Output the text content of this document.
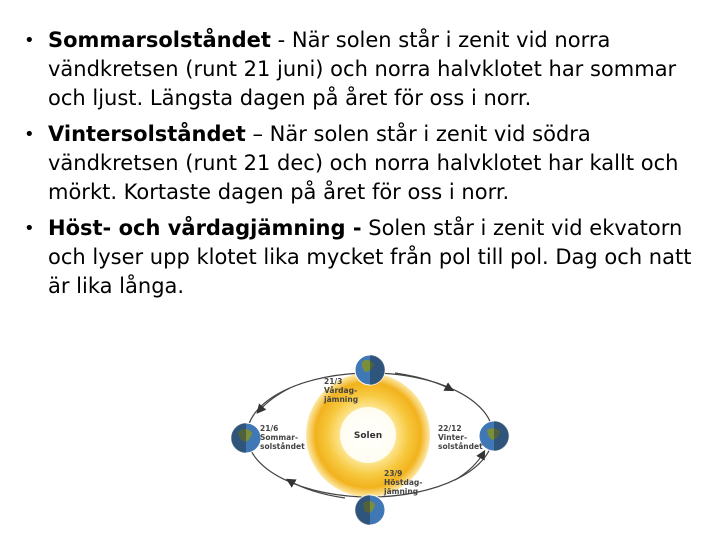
• Sommarsolståndet - När solen står i zenit vid norra vändkretsen (runt 21 juni) och norra halvklotet har sommar och ljust. Längsta dagen på året för oss i norr.
• Vintersolståndet – När solen står i zenit vid södra vändkretsen (runt 21 dec) och norra halvklotet har kallt och mörkt. Kortaste dagen på året för oss i norr.
• Höst- och vårdagjämning - Solen står i zenit vid ekvatorn och lyser upp klotet lika mycket från pol till pol. Dag och natt är lika långa.
Solen
21/3
Vårdag-
jämning
21/6
Sommar-
solståndet
22/12
Vinter-
solståndet
23/9
Höstdag-
jämning
